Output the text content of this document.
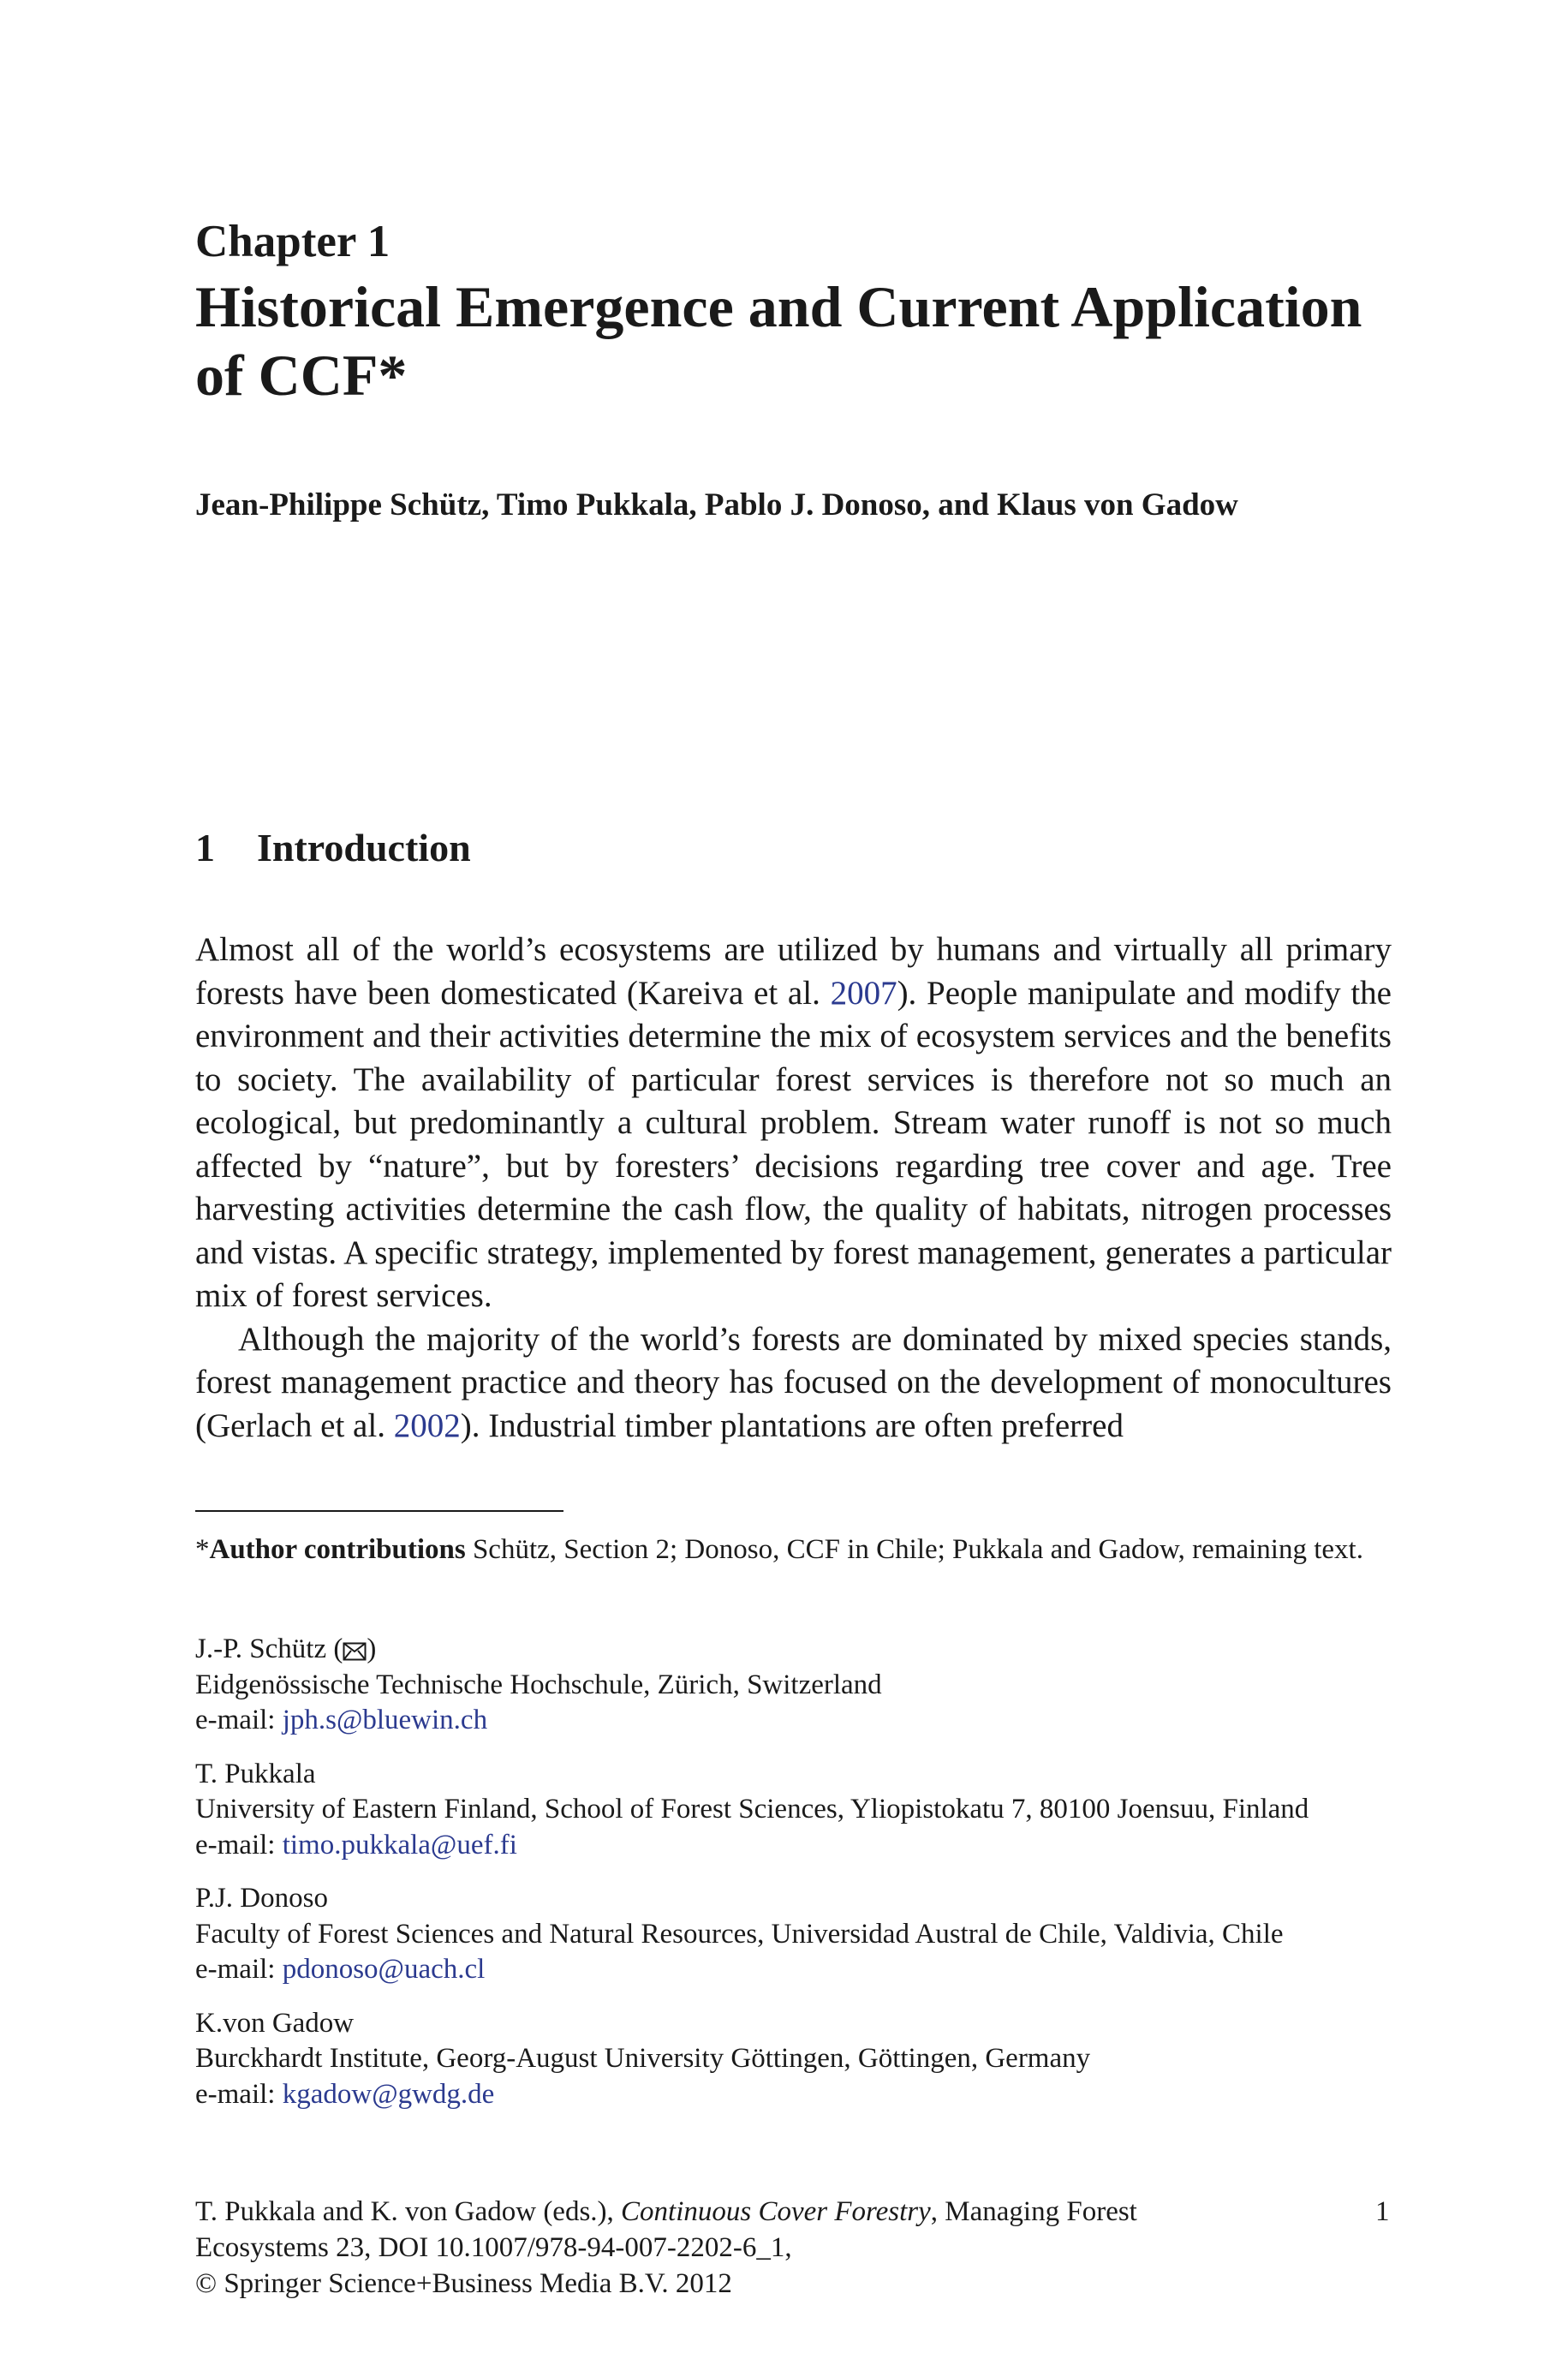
Chapter 1
Historical Emergence and Current Application of CCF*
Jean-Philippe Schütz, Timo Pukkala, Pablo J. Donoso, and Klaus von Gadow
1 Introduction

Almost all of the world’s ecosystems are utilized by humans and virtually all primary forests have been domesticated (Kareiva et al. 2007). People manipulate and modify the environment and their activities determine the mix of ecosystem services and the benefits to society. The availability of particular forest services is therefore not so much an ecological, but predominantly a cultural problem. Stream water runoff is not so much affected by “nature”, but by foresters’ decisions regarding tree cover and age. Tree harvesting activities determine the cash flow, the quality of habitats, nitrogen processes and vistas. A specific strategy, implemented by forest management, generates a particular mix of forest services.

Although the majority of the world’s forests are dominated by mixed species stands, forest management practice and theory has focused on the development of monocultures (Gerlach et al. 2002). Industrial timber plantations are often preferred

*Author contributions Schütz, Section 2; Donoso, CCF in Chile; Pukkala and Gadow, remaining text.
J.-P. Schütz ( )
Eidgenössische Technische Hochschule, Zürich, Switzerland
e-mail: jph.s@bluewin.ch
T. Pukkala
University of Eastern Finland, School of Forest Sciences, Yliopistokatu 7, 80100 Joensuu, Finland
e-mail: timo.pukkala@uef.fi
P.J. Donoso
Faculty of Forest Sciences and Natural Resources, Universidad Austral de Chile, Valdivia, Chile
e-mail: pdonoso@uach.cl
K.von Gadow
Burckhardt Institute, Georg-August University Göttingen, Göttingen, Germany
e-mail: kgadow@gwdg.de
T. Pukkala and K. von Gadow (eds.), Continuous Cover Forestry, Managing Forest
Ecosystems 23, DOI 10.1007/978-94-007-2202-6_1,
© Springer Science+Business Media B.V. 2012
1
